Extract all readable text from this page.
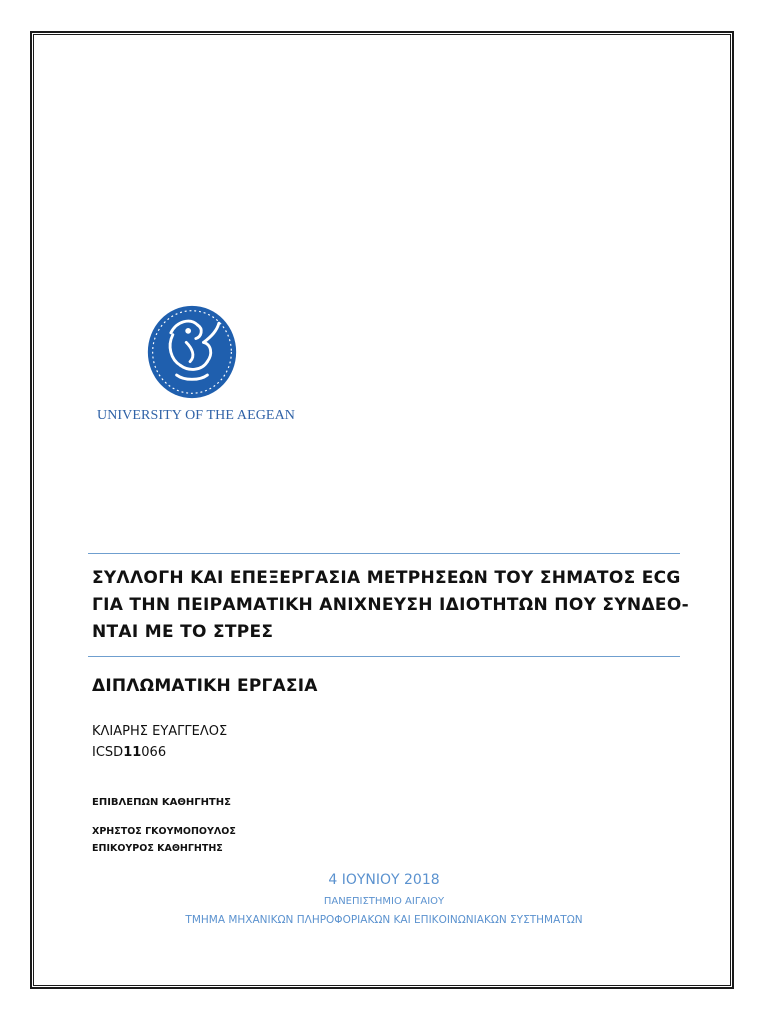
UNIVERSITY OF THE AEGEAN
ΣΥΛΛΟΓΗ ΚΑΙ ΕΠΕΞΕΡΓΑΣΙΑ ΜΕΤΡΗΣΕΩΝ ΤΟΥ ΣΗΜΑΤΟΣ ECG
ΓΙΑ ΤΗΝ ΠΕΙΡΑΜΑΤΙΚΗ ΑΝΙΧΝΕΥΣΗ ΙΔΙΟΤΗΤΩΝ ΠΟΥ ΣΥΝΔΕΟ-
ΝΤΑΙ ΜΕ ΤΟ ΣΤΡΕΣ
ΔΙΠΛΩΜΑΤΙΚΗ ΕΡΓΑΣΙΑ
ΚΛΙΑΡΗΣ ΕΥΑΓΓΕΛΟΣ
ICSD11066
ΕΠΙΒΛΕΠΩΝ ΚΑΘΗΓΗΤΗΣ
ΧΡΗΣΤΟΣ ΓΚΟΥΜΟΠΟΥΛΟΣ
ΕΠΙΚΟΥΡΟΣ ΚΑΘΗΓΗΤΗΣ
4 ΙΟΥΝΙΟΥ 2018
ΠΑΝΕΠΙΣΤΗΜΙΟ ΑΙΓΑΙΟΥ
ΤΜΗΜΑ ΜΗΧΑΝΙΚΩΝ ΠΛΗΡΟΦΟΡΙΑΚΩΝ ΚΑΙ ΕΠΙΚΟΙΝΩΝΙΑΚΩΝ ΣΥΣΤΗΜΑΤΩΝ
